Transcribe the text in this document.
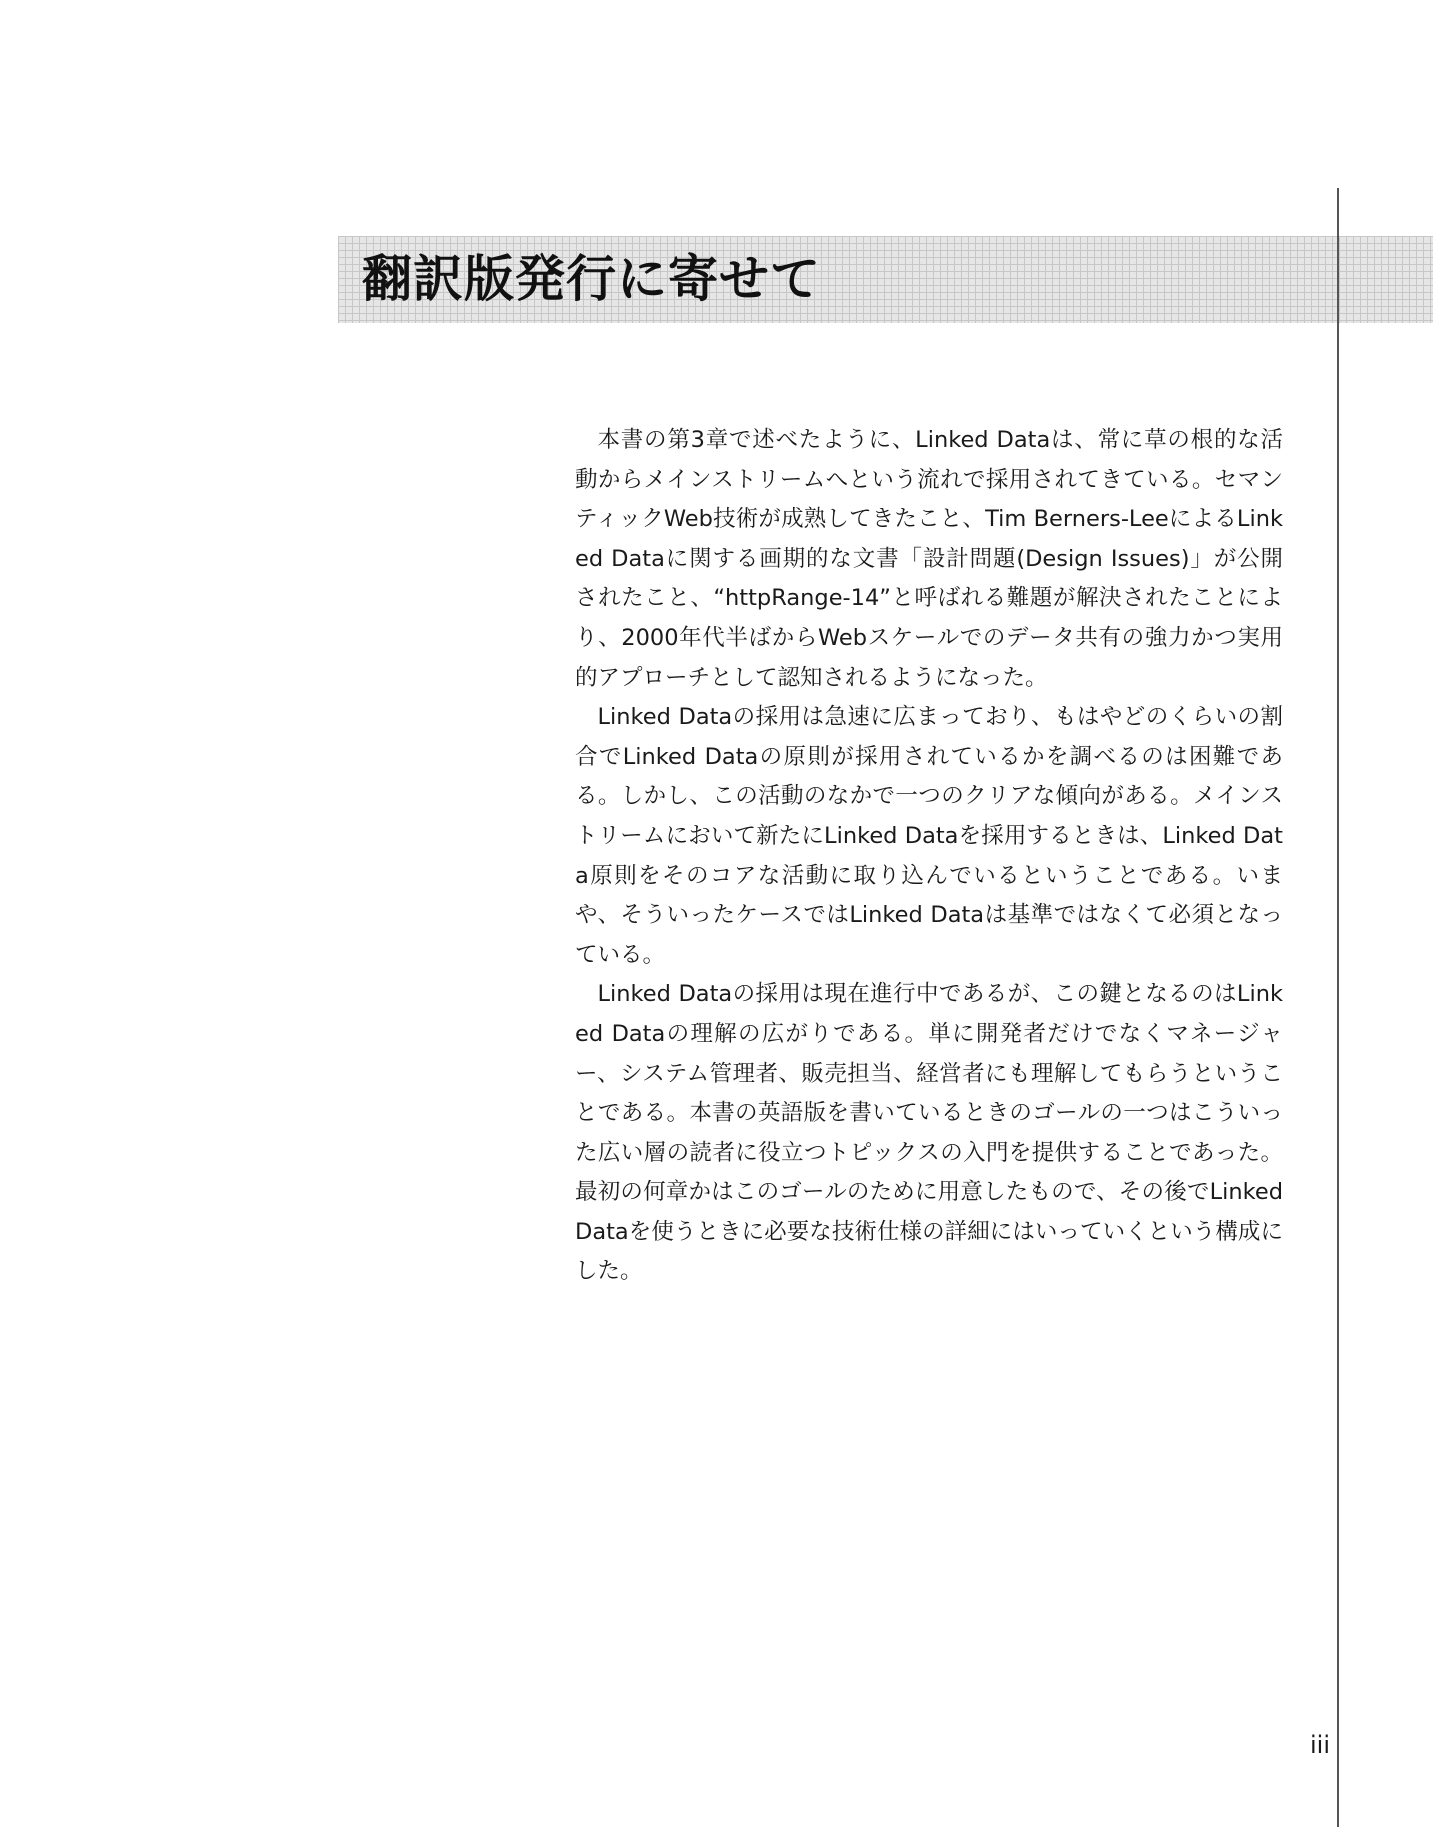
翻訳版発行に寄せて

本書の第3章で述べたように、Linked Dataは、常に草の根的な活動からメインストリームへという流れで採用されてきている。セマンティックWeb技術が成熟してきたこと、Tim Berners-LeeによるLinked Dataに関する画期的な文書「設計問題(Design Issues)」が公開されたこと、“httpRange-14”と呼ばれる難題が解決されたことにより、2000年代半ばからWebスケールでのデータ共有の強力かつ実用的アプローチとして認知されるようになった。

Linked Dataの採用は急速に広まっており、もはやどのくらいの割合でLinked Dataの原則が採用されているかを調べるのは困難である。しかし、この活動のなかで一つのクリアな傾向がある。メインストリームにおいて新たにLinked Dataを採用するときは、Linked Data原則をそのコアな活動に取り込んでいるということである。いまや、そういったケースではLinked Dataは基準ではなくて必須となっている。

Linked Dataの採用は現在進行中であるが、この鍵となるのはLinked Dataの理解の広がりである。単に開発者だけでなくマネージャー、システム管理者、販売担当、経営者にも理解してもらうということである。本書の英語版を書いているときのゴールの一つはこういった広い層の読者に役立つトピックスの入門を提供することであった。最初の何章かはこのゴールのために用意したもので、その後でLinked Dataを使うときに必要な技術仕様の詳細にはいっていくという構成にした。

iii
